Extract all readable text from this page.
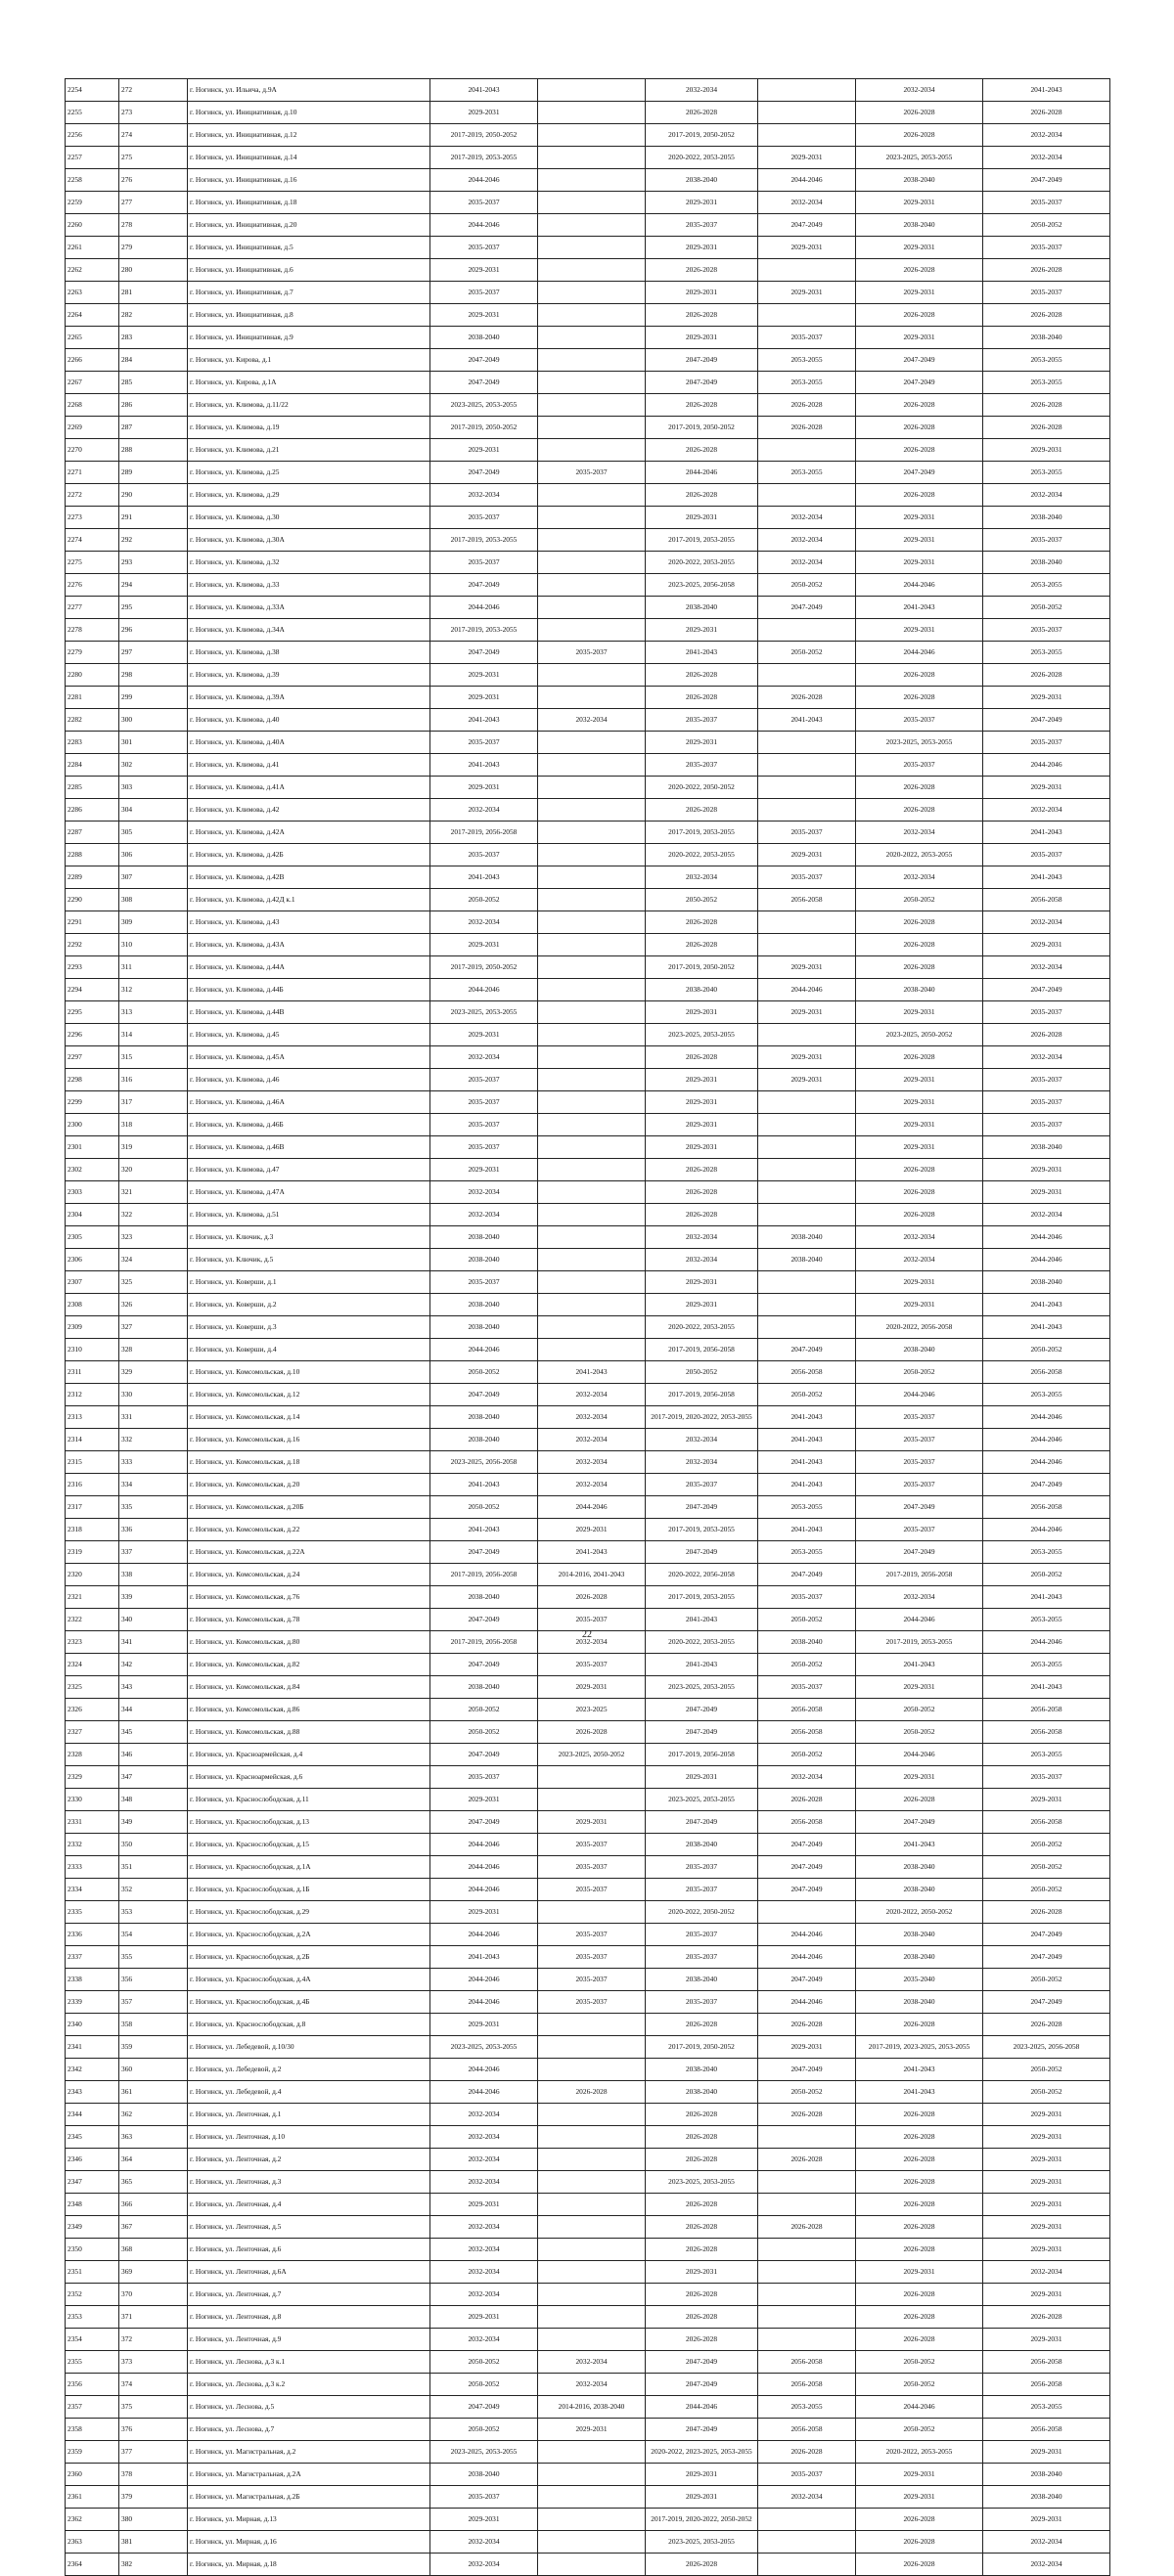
2254	272	г. Ногинск, ул. Ильича, д.9А	2041-2043		2032-2034		2032-2034	2041-2043
2255	273	г. Ногинск, ул. Инициативная, д.10	2029-2031		2026-2028		2026-2028	2026-2028
2256	274	г. Ногинск, ул. Инициативная, д.12	2017-2019, 2050-2052		2017-2019, 2050-2052		2026-2028	2032-2034
2257	275	г. Ногинск, ул. Инициативная, д.14	2017-2019, 2053-2055		2020-2022, 2053-2055	2029-2031	2023-2025, 2053-2055	2032-2034
2258	276	г. Ногинск, ул. Инициативная, д.16	2044-2046		2038-2040	2044-2046	2038-2040	2047-2049
2259	277	г. Ногинск, ул. Инициативная, д.18	2035-2037		2029-2031	2032-2034	2029-2031	2035-2037
2260	278	г. Ногинск, ул. Инициативная, д.20	2044-2046		2035-2037	2047-2049	2038-2040	2050-2052
2261	279	г. Ногинск, ул. Инициативная, д.5	2035-2037		2029-2031	2029-2031	2029-2031	2035-2037
2262	280	г. Ногинск, ул. Инициативная, д.6	2029-2031		2026-2028		2026-2028	2026-2028
2263	281	г. Ногинск, ул. Инициативная, д.7	2035-2037		2029-2031	2029-2031	2029-2031	2035-2037
2264	282	г. Ногинск, ул. Инициативная, д.8	2029-2031		2026-2028		2026-2028	2026-2028
2265	283	г. Ногинск, ул. Инициативная, д.9	2038-2040		2029-2031	2035-2037	2029-2031	2038-2040
2266	284	г. Ногинск, ул. Кирова, д.1	2047-2049		2047-2049	2053-2055	2047-2049	2053-2055
2267	285	г. Ногинск, ул. Кирова, д.1А	2047-2049		2047-2049	2053-2055	2047-2049	2053-2055
2268	286	г. Ногинск, ул. Климова, д.11/22	2023-2025, 2053-2055		2026-2028	2026-2028	2026-2028	2026-2028
2269	287	г. Ногинск, ул. Климова, д.19	2017-2019, 2050-2052		2017-2019, 2050-2052	2026-2028	2026-2028	2026-2028
2270	288	г. Ногинск, ул. Климова, д.21	2029-2031		2026-2028		2026-2028	2029-2031
2271	289	г. Ногинск, ул. Климова, д.25	2047-2049	2035-2037	2044-2046	2053-2055	2047-2049	2053-2055
2272	290	г. Ногинск, ул. Климова, д.29	2032-2034		2026-2028		2026-2028	2032-2034
2273	291	г. Ногинск, ул. Климова, д.30	2035-2037		2029-2031	2032-2034	2029-2031	2038-2040
2274	292	г. Ногинск, ул. Климова, д.30А	2017-2019, 2053-2055		2017-2019, 2053-2055	2032-2034	2029-2031	2035-2037
2275	293	г. Ногинск, ул. Климова, д.32	2035-2037		2020-2022, 2053-2055	2032-2034	2029-2031	2038-2040
2276	294	г. Ногинск, ул. Климова, д.33	2047-2049		2023-2025, 2056-2058	2050-2052	2044-2046	2053-2055
2277	295	г. Ногинск, ул. Климова, д.33А	2044-2046		2038-2040	2047-2049	2041-2043	2050-2052
2278	296	г. Ногинск, ул. Климова, д.34А	2017-2019, 2053-2055		2029-2031		2029-2031	2035-2037
2279	297	г. Ногинск, ул. Климова, д.38	2047-2049	2035-2037	2041-2043	2050-2052	2044-2046	2053-2055
2280	298	г. Ногинск, ул. Климова, д.39	2029-2031		2026-2028		2026-2028	2026-2028
2281	299	г. Ногинск, ул. Климова, д.39А	2029-2031		2026-2028	2026-2028	2026-2028	2029-2031
2282	300	г. Ногинск, ул. Климова, д.40	2041-2043	2032-2034	2035-2037	2041-2043	2035-2037	2047-2049
2283	301	г. Ногинск, ул. Климова, д.40А	2035-2037		2029-2031		2023-2025, 2053-2055	2035-2037
2284	302	г. Ногинск, ул. Климова, д.41	2041-2043		2035-2037		2035-2037	2044-2046
2285	303	г. Ногинск, ул. Климова, д.41А	2029-2031		2020-2022, 2050-2052		2026-2028	2029-2031
2286	304	г. Ногинск, ул. Климова, д.42	2032-2034		2026-2028		2026-2028	2032-2034
2287	305	г. Ногинск, ул. Климова, д.42А	2017-2019, 2056-2058		2017-2019, 2053-2055	2035-2037	2032-2034	2041-2043
2288	306	г. Ногинск, ул. Климова, д.42Б	2035-2037		2020-2022, 2053-2055	2029-2031	2020-2022, 2053-2055	2035-2037
2289	307	г. Ногинск, ул. Климова, д.42В	2041-2043		2032-2034	2035-2037	2032-2034	2041-2043
2290	308	г. Ногинск, ул. Климова, д.42Д к.1	2050-2052		2050-2052	2056-2058	2050-2052	2056-2058
2291	309	г. Ногинск, ул. Климова, д.43	2032-2034		2026-2028		2026-2028	2032-2034
2292	310	г. Ногинск, ул. Климова, д.43А	2029-2031		2026-2028		2026-2028	2029-2031
2293	311	г. Ногинск, ул. Климова, д.44А	2017-2019, 2050-2052		2017-2019, 2050-2052	2029-2031	2026-2028	2032-2034
2294	312	г. Ногинск, ул. Климова, д.44Б	2044-2046		2038-2040	2044-2046	2038-2040	2047-2049
2295	313	г. Ногинск, ул. Климова, д.44В	2023-2025, 2053-2055		2029-2031	2029-2031	2029-2031	2035-2037
2296	314	г. Ногинск, ул. Климова, д.45	2029-2031		2023-2025, 2053-2055		2023-2025, 2050-2052	2026-2028
2297	315	г. Ногинск, ул. Климова, д.45А	2032-2034		2026-2028	2029-2031	2026-2028	2032-2034
2298	316	г. Ногинск, ул. Климова, д.46	2035-2037		2029-2031	2029-2031	2029-2031	2035-2037
2299	317	г. Ногинск, ул. Климова, д.46А	2035-2037		2029-2031		2029-2031	2035-2037
2300	318	г. Ногинск, ул. Климова, д.46Б	2035-2037		2029-2031		2029-2031	2035-2037
2301	319	г. Ногинск, ул. Климова, д.46В	2035-2037		2029-2031		2029-2031	2038-2040
2302	320	г. Ногинск, ул. Климова, д.47	2029-2031		2026-2028		2026-2028	2029-2031
2303	321	г. Ногинск, ул. Климова, д.47А	2032-2034		2026-2028		2026-2028	2029-2031
2304	322	г. Ногинск, ул. Климова, д.51	2032-2034		2026-2028		2026-2028	2032-2034
2305	323	г. Ногинск, ул. Ключик, д.3	2038-2040		2032-2034	2038-2040	2032-2034	2044-2046
2306	324	г. Ногинск, ул. Ключик, д.5	2038-2040		2032-2034	2038-2040	2032-2034	2044-2046
2307	325	г. Ногинск, ул. Коверши, д.1	2035-2037		2029-2031		2029-2031	2038-2040
2308	326	г. Ногинск, ул. Коверши, д.2	2038-2040		2029-2031		2029-2031	2041-2043
2309	327	г. Ногинск, ул. Коверши, д.3	2038-2040		2020-2022, 2053-2055		2020-2022, 2056-2058	2041-2043
2310	328	г. Ногинск, ул. Коверши, д.4	2044-2046		2017-2019, 2056-2058	2047-2049	2038-2040	2050-2052
2311	329	г. Ногинск, ул. Комсомольская, д.10	2050-2052	2041-2043	2050-2052	2056-2058	2050-2052	2056-2058
2312	330	г. Ногинск, ул. Комсомольская, д.12	2047-2049	2032-2034	2017-2019, 2056-2058	2050-2052	2044-2046	2053-2055
2313	331	г. Ногинск, ул. Комсомольская, д.14	2038-2040	2032-2034	2017-2019, 2020-2022, 2053-2055	2041-2043	2035-2037	2044-2046
2314	332	г. Ногинск, ул. Комсомольская, д.16	2038-2040	2032-2034	2032-2034	2041-2043	2035-2037	2044-2046
2315	333	г. Ногинск, ул. Комсомольская, д.18	2023-2025, 2056-2058	2032-2034	2032-2034	2041-2043	2035-2037	2044-2046
2316	334	г. Ногинск, ул. Комсомольская, д.20	2041-2043	2032-2034	2035-2037	2041-2043	2035-2037	2047-2049
2317	335	г. Ногинск, ул. Комсомольская, д.20Б	2050-2052	2044-2046	2047-2049	2053-2055	2047-2049	2056-2058
2318	336	г. Ногинск, ул. Комсомольская, д.22	2041-2043	2029-2031	2017-2019, 2053-2055	2041-2043	2035-2037	2044-2046
2319	337	г. Ногинск, ул. Комсомольская, д.22А	2047-2049	2041-2043	2047-2049	2053-2055	2047-2049	2053-2055
2320	338	г. Ногинск, ул. Комсомольская, д.24	2017-2019, 2056-2058	2014-2016, 2041-2043	2020-2022, 2056-2058	2047-2049	2017-2019, 2056-2058	2050-2052
2321	339	г. Ногинск, ул. Комсомольская, д.76	2038-2040	2026-2028	2017-2019, 2053-2055	2035-2037	2032-2034	2041-2043
2322	340	г. Ногинск, ул. Комсомольская, д.78	2047-2049	2035-2037	2041-2043	2050-2052	2044-2046	2053-2055
2323	341	г. Ногинск, ул. Комсомольская, д.80	2017-2019, 2056-2058	2032-2034	2020-2022, 2053-2055	2038-2040	2017-2019, 2053-2055	2044-2046
2324	342	г. Ногинск, ул. Комсомольская, д.82	2047-2049	2035-2037	2041-2043	2050-2052	2041-2043	2053-2055
2325	343	г. Ногинск, ул. Комсомольская, д.84	2038-2040	2029-2031	2023-2025, 2053-2055	2035-2037	2029-2031	2041-2043
2326	344	г. Ногинск, ул. Комсомольская, д.86	2050-2052	2023-2025	2047-2049	2056-2058	2050-2052	2056-2058
2327	345	г. Ногинск, ул. Комсомольская, д.88	2050-2052	2026-2028	2047-2049	2056-2058	2050-2052	2056-2058
2328	346	г. Ногинск, ул. Красноармейская, д.4	2047-2049	2023-2025, 2050-2052	2017-2019, 2056-2058	2050-2052	2044-2046	2053-2055
2329	347	г. Ногинск, ул. Красноармейская, д.6	2035-2037		2029-2031	2032-2034	2029-2031	2035-2037
2330	348	г. Ногинск, ул. Краснослободская, д.11	2029-2031		2023-2025, 2053-2055	2026-2028	2026-2028	2029-2031
2331	349	г. Ногинск, ул. Краснослободская, д.13	2047-2049	2029-2031	2047-2049	2056-2058	2047-2049	2056-2058
2332	350	г. Ногинск, ул. Краснослободская, д.15	2044-2046	2035-2037	2038-2040	2047-2049	2041-2043	2050-2052
2333	351	г. Ногинск, ул. Краснослободская, д.1А	2044-2046	2035-2037	2035-2037	2047-2049	2038-2040	2050-2052
2334	352	г. Ногинск, ул. Краснослободская, д.1Б	2044-2046	2035-2037	2035-2037	2047-2049	2038-2040	2050-2052
2335	353	г. Ногинск, ул. Краснослободская, д.29	2029-2031		2020-2022, 2050-2052		2020-2022, 2050-2052	2026-2028
2336	354	г. Ногинск, ул. Краснослободская, д.2А	2044-2046	2035-2037	2035-2037	2044-2046	2038-2040	2047-2049
2337	355	г. Ногинск, ул. Краснослободская, д.2Б	2041-2043	2035-2037	2035-2037	2044-2046	2038-2040	2047-2049
2338	356	г. Ногинск, ул. Краснослободская, д.4А	2044-2046	2035-2037	2038-2040	2047-2049	2035-2040	2050-2052
2339	357	г. Ногинск, ул. Краснослободская, д.4Б	2044-2046	2035-2037	2035-2037	2044-2046	2038-2040	2047-2049
2340	358	г. Ногинск, ул. Краснослободская, д.8	2029-2031		2026-2028	2026-2028	2026-2028	2026-2028
2341	359	г. Ногинск, ул. Лебедевой, д.10/30	2023-2025, 2053-2055		2017-2019, 2050-2052	2029-2031	2017-2019, 2023-2025, 2053-2055	2023-2025, 2056-2058
2342	360	г. Ногинск, ул. Лебедевой, д.2	2044-2046		2038-2040	2047-2049	2041-2043	2050-2052
2343	361	г. Ногинск, ул. Лебедевой, д.4	2044-2046	2026-2028	2038-2040	2050-2052	2041-2043	2050-2052
2344	362	г. Ногинск, ул. Ленточная, д.1	2032-2034		2026-2028	2026-2028	2026-2028	2029-2031
2345	363	г. Ногинск, ул. Ленточная, д.10	2032-2034		2026-2028		2026-2028	2029-2031
2346	364	г. Ногинск, ул. Ленточная, д.2	2032-2034		2026-2028	2026-2028	2026-2028	2029-2031
2347	365	г. Ногинск, ул. Ленточная, д.3	2032-2034		2023-2025, 2053-2055		2026-2028	2029-2031
2348	366	г. Ногинск, ул. Ленточная, д.4	2029-2031		2026-2028		2026-2028	2029-2031
2349	367	г. Ногинск, ул. Ленточная, д.5	2032-2034		2026-2028	2026-2028	2026-2028	2029-2031
2350	368	г. Ногинск, ул. Ленточная, д.6	2032-2034		2026-2028		2026-2028	2029-2031
2351	369	г. Ногинск, ул. Ленточная, д.6А	2032-2034		2029-2031		2029-2031	2032-2034
2352	370	г. Ногинск, ул. Ленточная, д.7	2032-2034		2026-2028		2026-2028	2029-2031
2353	371	г. Ногинск, ул. Ленточная, д.8	2029-2031		2026-2028		2026-2028	2026-2028
2354	372	г. Ногинск, ул. Ленточная, д.9	2032-2034		2026-2028		2026-2028	2029-2031
2355	373	г. Ногинск, ул. Леснова, д.3 к.1	2050-2052	2032-2034	2047-2049	2056-2058	2050-2052	2056-2058
2356	374	г. Ногинск, ул. Леснова, д.3 к.2	2050-2052	2032-2034	2047-2049	2056-2058	2050-2052	2056-2058
2357	375	г. Ногинск, ул. Леснова, д.5	2047-2049	2014-2016, 2038-2040	2044-2046	2053-2055	2044-2046	2053-2055
2358	376	г. Ногинск, ул. Леснова, д.7	2050-2052	2029-2031	2047-2049	2056-2058	2050-2052	2056-2058
2359	377	г. Ногинск, ул. Магистральная, д.2	2023-2025, 2053-2055		2020-2022, 2023-2025, 2053-2055	2026-2028	2020-2022, 2053-2055	2029-2031
2360	378	г. Ногинск, ул. Магистральная, д.2А	2038-2040		2029-2031	2035-2037	2029-2031	2038-2040
2361	379	г. Ногинск, ул. Магистральная, д.2Б	2035-2037		2029-2031	2032-2034	2029-2031	2038-2040
2362	380	г. Ногинск, ул. Мирная, д.13	2029-2031		2017-2019, 2020-2022, 2050-2052		2026-2028	2029-2031
2363	381	г. Ногинск, ул. Мирная, д.16	2032-2034		2023-2025, 2053-2055		2026-2028	2032-2034
2364	382	г. Ногинск, ул. Мирная, д.18	2032-2034		2026-2028		2026-2028	2032-2034
22
